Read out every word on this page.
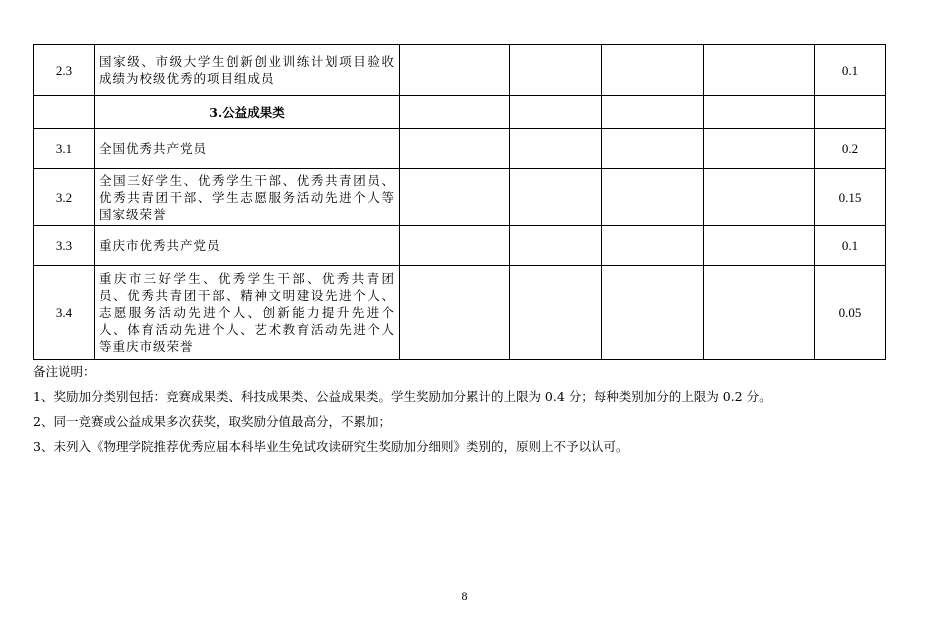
2.3	国家级、市级大学生创新创业训练计划项目验收成绩为校级优秀的项目组成员					0.1
	3.公益成果类					
3.1	全国优秀共产党员					0.2
3.2	全国三好学生、优秀学生干部、优秀共青团员、优秀共青团干部、学生志愿服务活动先进个人等国家级荣誉					0.15
3.3	重庆市优秀共产党员					0.1
3.4	重庆市三好学生、优秀学生干部、优秀共青团员、优秀共青团干部、精神文明建设先进个人、志愿服务活动先进个人、创新能力提升先进个人、体育活动先进个人、艺术教育活动先进个人等重庆市级荣誉					0.05
备注说明：
1、奖励加分类别包括：竞赛成果类、科技成果类、公益成果类。学生奖励加分累计的上限为 0.4 分；每种类别加分的上限为 0.2 分。
2、同一竞赛或公益成果多次获奖，取奖励分值最高分，不累加；
3、未列入《物理学院推荐优秀应届本科毕业生免试攻读研究生奖励加分细则》类别的，原则上不予以认可。
8
